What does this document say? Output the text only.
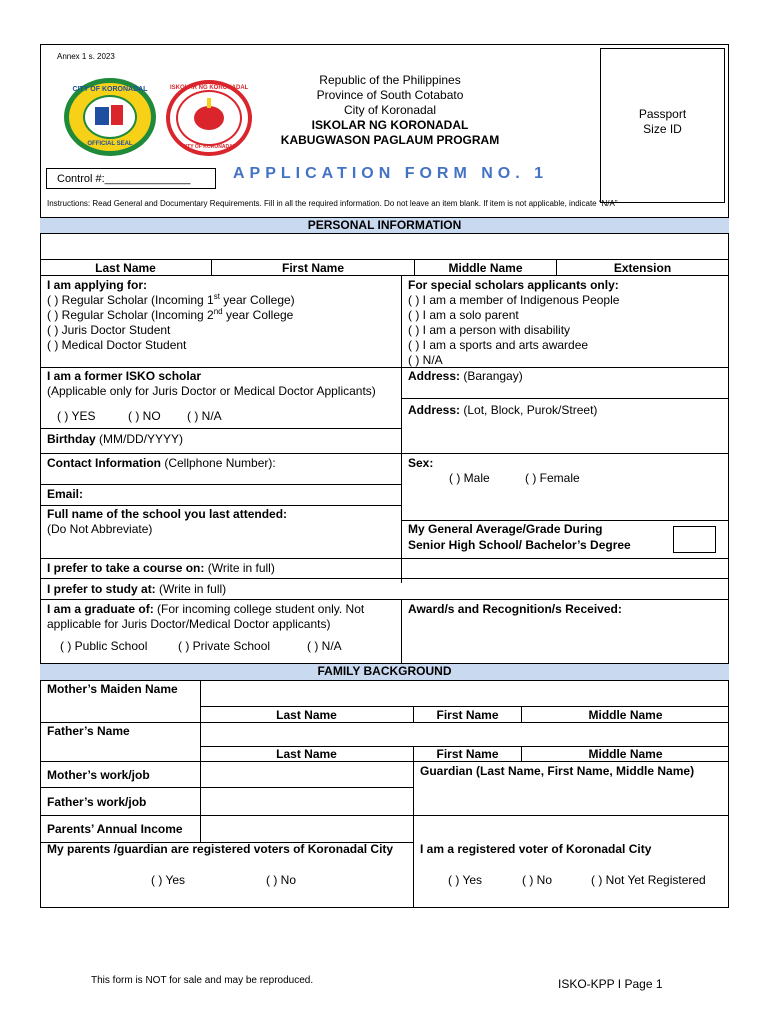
Annex 1 s. 2023
CITY OF KORONADAL
OFFICIAL SEAL
ISKOLAR NG KORONADAL
CITY OF KORONADAL
Republic of the Philippines
Province of South Cotabato
City of Koronadal
ISKOLAR NG KORONADAL
KABUGWASON PAGLAUM PROGRAM
Passport
Size ID
Control #:______________	APPLICATION FORM NO. 1
Instructions: Read General and Documentary Requirements. Fill in all the required information. Do not leave an item blank. If item is not applicable, indicate “N/A”
PERSONAL INFORMATION
Last Name	First Name	Middle Name	Extension
I am applying for:
( ) Regular Scholar (Incoming 1st year College)
( ) Regular Scholar (Incoming 2nd year College
( ) Juris Doctor Student
( ) Medical Doctor Student
For special scholars applicants only:
( ) I am a member of Indigenous People
( ) I am a solo parent
( ) I am a person with disability
( ) I am a sports and arts awardee
( ) N/A
I am a former ISKO scholar
(Applicable only for Juris Doctor or Medical Doctor Applicants)
( ) YES	( ) NO ( ) N/A
Address: (Barangay)
Address: (Lot, Block, Purok/Street)
Birthday (MM/DD/YYYY)
Contact Information (Cellphone Number):	Sex:
( ) Male	( ) Female
Email:
Full name of the school you last attended:
(Do Not Abbreviate)	My General Average/Grade During
Senior High School/ Bachelor’s Degree
I prefer to take a course on: (Write in full)
I prefer to study at: (Write in full)
I am a graduate of: (For incoming college student only. Not
applicable for Juris Doctor/Medical Doctor applicants)
( ) Public School	( ) Private School	( ) N/A
Award/s and Recognition/s Received:
FAMILY BACKGROUND
Mother’s Maiden Name
Last Name	First Name	Middle Name
Father’s Name
Last Name	First Name	Middle Name
Mother’s work/job	Guardian (Last Name, First Name, Middle Name)
Father’s work/job
Parents’ Annual Income
My parents /guardian are registered voters of Koronadal City
( ) Yes	( ) No
I am a registered voter of Koronadal City
( ) Yes	( ) No	( ) Not Yet Registered
This form is NOT for sale and may be reproduced.	ISKO-KPP I Page 1
